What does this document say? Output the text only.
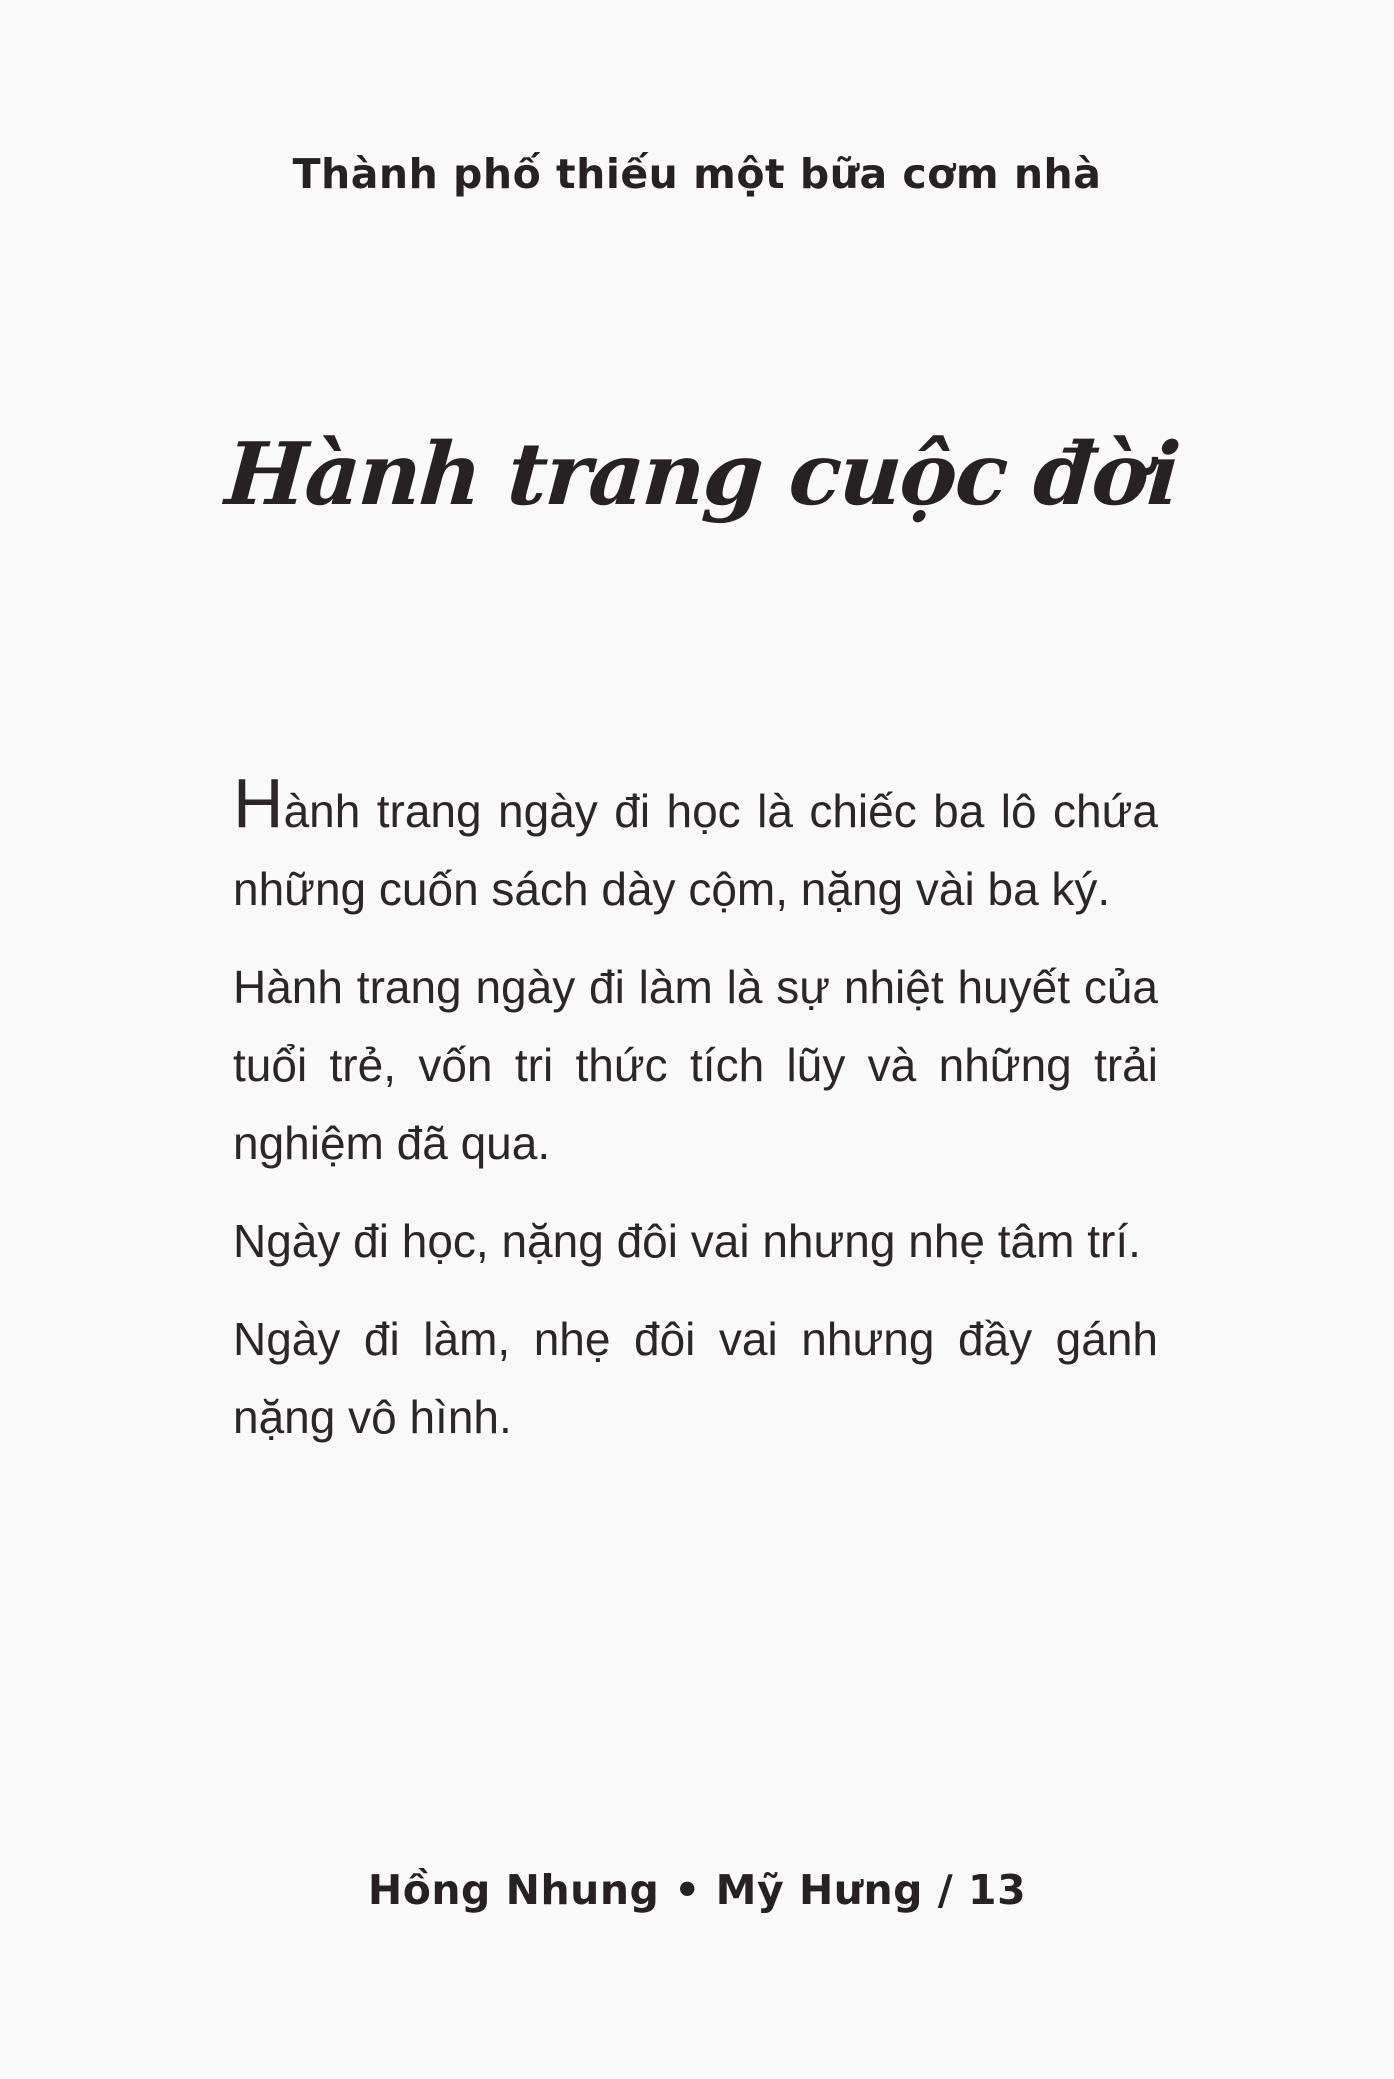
Thành phố thiếu một bữa cơm nhà
Hành trang cuộc đời

Hành trang ngày đi học là chiếc ba lô chứa những cuốn sách dày cộm, nặng vài ba ký.

Hành trang ngày đi làm là sự nhiệt huyết của tuổi trẻ, vốn tri thức tích lũy và những trải nghiệm đã qua.

Ngày đi học, nặng đôi vai nhưng nhẹ tâm trí.

Ngày đi làm, nhẹ đôi vai nhưng đầy gánh nặng vô hình.

Hồng Nhung • Mỹ Hưng / 13
